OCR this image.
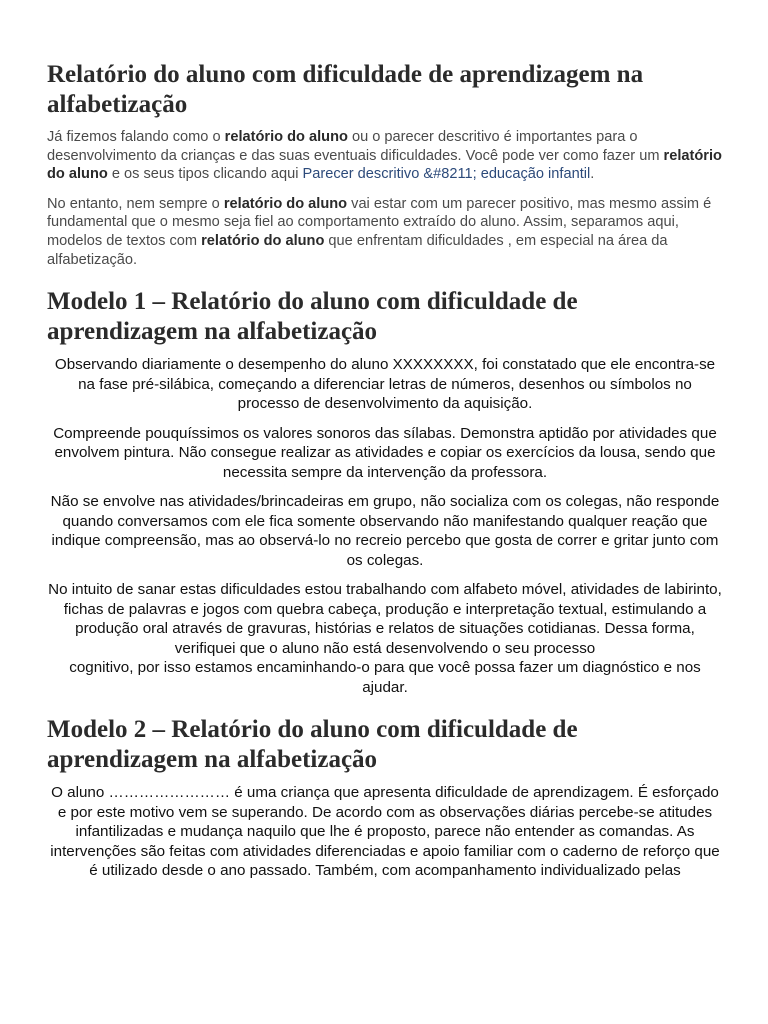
Relatório do aluno com dificuldade de aprendizagem na alfabetização

Já fizemos falando como o relatório do aluno ou o parecer descritivo é importantes para o desenvolvimento da crianças e das suas eventuais dificuldades. Você pode ver como fazer um relatório do aluno e os seus tipos clicando aqui Parecer descritivo &#8211; educação infantil.

No entanto, nem sempre o relatório do aluno vai estar com um parecer positivo, mas mesmo assim é fundamental que o mesmo seja fiel ao comportamento extraído do aluno. Assim, separamos aqui, modelos de textos com relatório do aluno que enfrentam dificuldades , em especial na área da alfabetização.

Modelo 1 – Relatório do aluno com dificuldade de aprendizagem na alfabetização

Observando diariamente o desempenho do aluno XXXXXXXX, foi constatado que ele encontra-se na fase pré-silábica, começando a diferenciar letras de números, desenhos ou símbolos no processo de desenvolvimento da aquisição.

Compreende pouquíssimos os valores sonoros das sílabas. Demonstra aptidão por atividades que envolvem pintura. Não consegue realizar as atividades e copiar os exercícios da lousa, sendo que necessita sempre da intervenção da professora.

Não se envolve nas atividades/brincadeiras em grupo, não socializa com os colegas, não responde quando conversamos com ele fica somente observando não manifestando qualquer reação que indique compreensão, mas ao observá-lo no recreio percebo que gosta de correr e gritar junto com os colegas.

No intuito de sanar estas dificuldades estou trabalhando com alfabeto móvel, atividades de labirinto, fichas de palavras e jogos com quebra cabeça, produção e interpretação textual, estimulando a produção oral através de gravuras, histórias e relatos de situações cotidianas. Dessa forma, verifiquei que o aluno não está desenvolvendo o seu processo
cognitivo, por isso estamos encaminhando-o para que você possa fazer um diagnóstico e nos ajudar.

Modelo 2 – Relatório do aluno com dificuldade de aprendizagem na alfabetização

O aluno …………………… é uma criança que apresenta dificuldade de aprendizagem. É esforçado e por este motivo vem se superando. De acordo com as observações diárias percebe-se atitudes infantilizadas e mudança naquilo que lhe é proposto, parece não entender as comandas. As intervenções são feitas com atividades diferenciadas e apoio familiar com o caderno de reforço que é utilizado desde o ano passado. Também, com acompanhamento individualizado pelas
